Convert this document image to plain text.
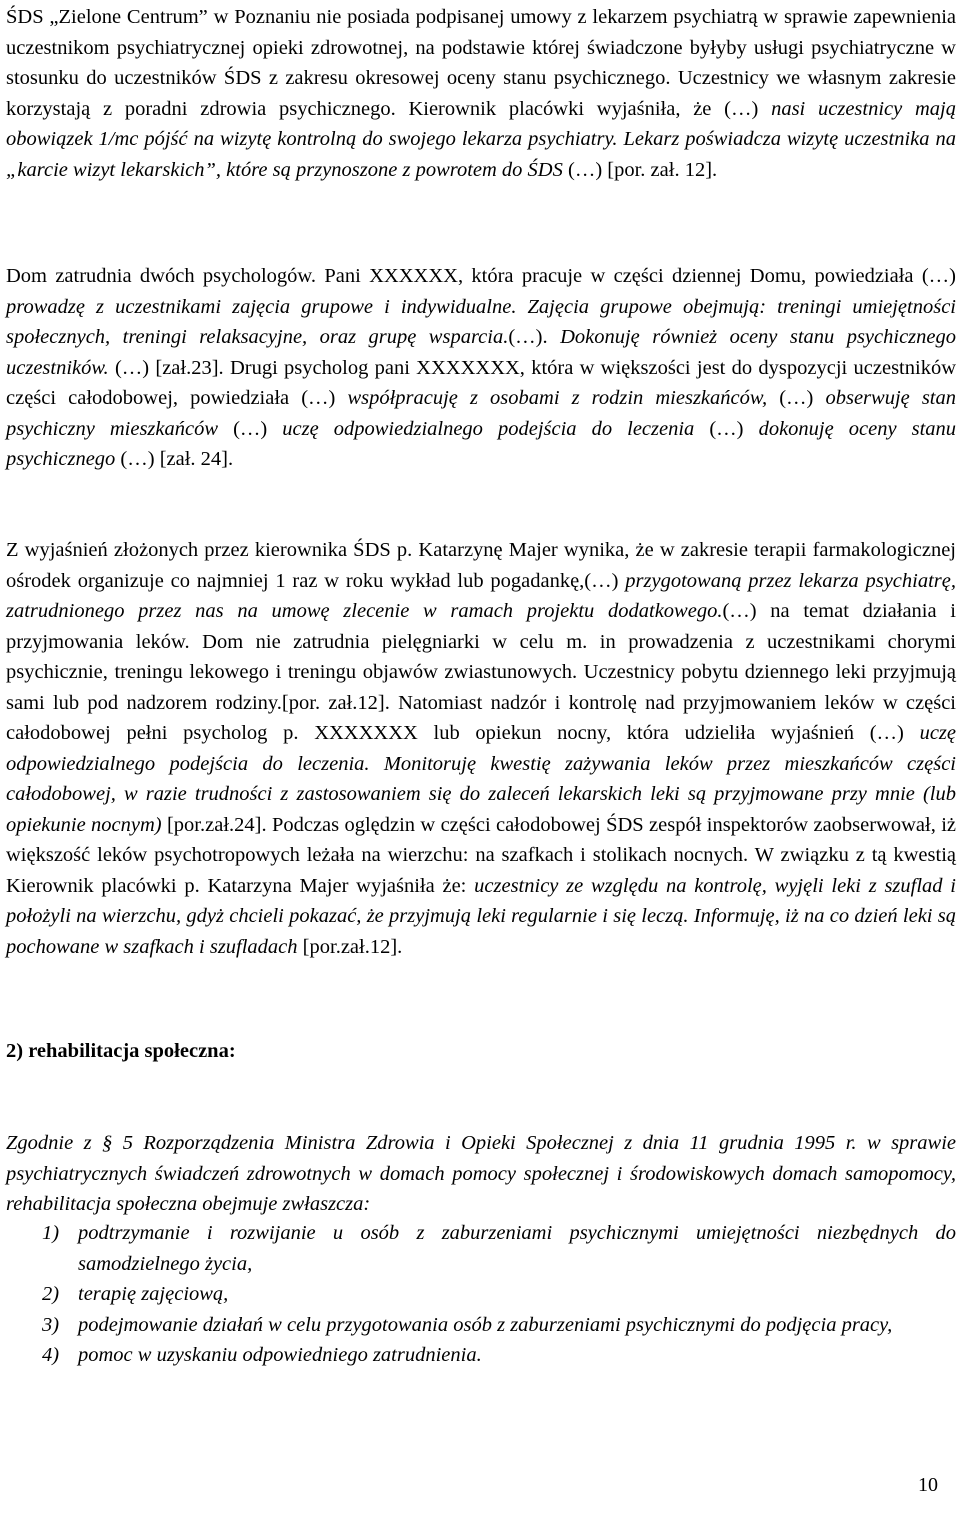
ŚDS „Zielone Centrum” w Poznaniu nie posiada podpisanej umowy z lekarzem psychiatrą w sprawie zapewnienia uczestnikom psychiatrycznej opieki zdrowotnej, na podstawie której świadczone byłyby usługi psychiatryczne w stosunku do uczestników ŚDS z zakresu okresowej oceny stanu psychicznego. Uczestnicy we własnym zakresie korzystają z poradni zdrowia psychicznego. Kierownik placówki wyjaśniła, że (…) nasi uczestnicy mają obowiązek 1/mc pójść na wizytę kontrolną do swojego lekarza psychiatry. Lekarz poświadcza wizytę uczestnika na „karcie wizyt lekarskich”, które są przynoszone z powrotem do ŚDS (…) [por. zał. 12].

Dom zatrudnia dwóch psychologów. Pani XXXXXX, która pracuje w części dziennej Domu, powiedziała (…) prowadzę z uczestnikami zajęcia grupowe i indywidualne. Zajęcia grupowe obejmują: treningi umiejętności społecznych, treningi relaksacyjne, oraz grupę wsparcia.(…). Dokonuję również oceny stanu psychicznego uczestników. (…) [zał.23]. Drugi psycholog pani XXXXXXX, która w większości jest do dyspozycji uczestników części całodobowej, powiedziała (…) współpracuję z osobami z rodzin mieszkańców, (…) obserwuję stan psychiczny mieszkańców (…) uczę odpowiedzialnego podejścia do leczenia (…) dokonuję oceny stanu psychicznego (…) [zał. 24].

Z wyjaśnień złożonych przez kierownika ŚDS p. Katarzynę Majer wynika, że w zakresie terapii farmakologicznej ośrodek organizuje co najmniej 1 raz w roku wykład lub pogadankę,(…) przygotowaną przez lekarza psychiatrę, zatrudnionego przez nas na umowę zlecenie w ramach projektu dodatkowego.(…) na temat działania i przyjmowania leków. Dom nie zatrudnia pielęgniarki w celu m. in prowadzenia z uczestnikami chorymi psychicznie, treningu lekowego i treningu objawów zwiastunowych. Uczestnicy pobytu dziennego leki przyjmują sami lub pod nadzorem rodziny.[por. zał.12]. Natomiast nadzór i kontrolę nad przyjmowaniem leków w części całodobowej pełni psycholog p. XXXXXXX lub opiekun nocny, która udzieliła wyjaśnień (…) uczę odpowiedzialnego podejścia do leczenia. Monitoruję kwestię zażywania leków przez mieszkańców części całodobowej, w razie trudności z zastosowaniem się do zaleceń lekarskich leki są przyjmowane przy mnie (lub opiekunie nocnym) [por.zał.24]. Podczas oględzin w części całodobowej ŚDS zespół inspektorów zaobserwował, iż większość leków psychotropowych leżała na wierzchu: na szafkach i stolikach nocnych. W związku z tą kwestią Kierownik placówki p. Katarzyna Majer wyjaśniła że: uczestnicy ze względu na kontrolę, wyjęli leki z szuflad i położyli na wierzchu, gdyż chcieli pokazać, że przyjmują leki regularnie i się leczą. Informuję, iż na co dzień leki są pochowane w szafkach i szufladach [por.zał.12].

2) rehabilitacja społeczna:

Zgodnie z § 5 Rozporządzenia Ministra Zdrowia i Opieki Społecznej z dnia 11 grudnia 1995 r. w sprawie psychiatrycznych świadczeń zdrowotnych w domach pomocy społecznej i środowiskowych domach samopomocy, rehabilitacja społeczna obejmuje zwłaszcza:

1) podtrzymanie i rozwijanie u osób z zaburzeniami psychicznymi umiejętności niezbędnych do samodzielnego życia,
2) terapię zajęciową,
3) podejmowanie działań w celu przygotowania osób z zaburzeniami psychicznymi do podjęcia pracy,
4) pomoc w uzyskaniu odpowiedniego zatrudnienia.
10
